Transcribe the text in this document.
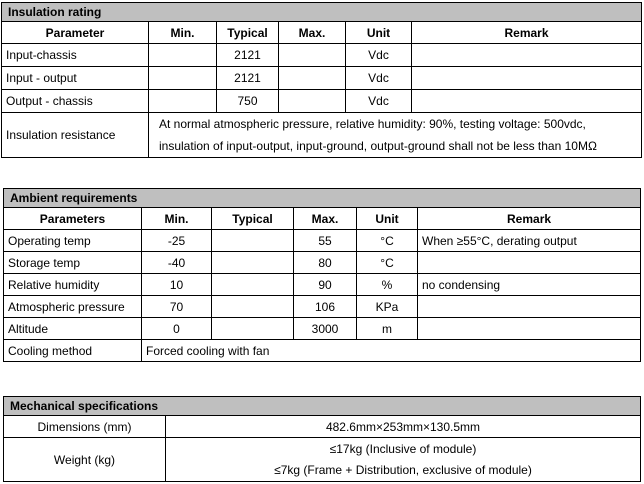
Insulation rating					
Parameter	Min.	Typical	Max.	Unit	Remark
Input-chassis		2121		Vdc	
Input - output		2121		Vdc	
Output - chassis		750		Vdc	
Insulation resistance	At normal atmospheric pressure, relative humidity: 90%, testing voltage: 500vdc,
insulation of input-output, input-ground, output-ground shall not be less than 10MΩ				
Ambient requirements					
Parameters	Min.	Typical	Max.	Unit	Remark
Operating temp	-25		55	°C	When ≥55°C, derating output
Storage temp	-40		80	°C	
Relative humidity	10		90	%	no condensing
Atmospheric pressure	70		106	KPa	
Altitude	0		3000	m	
Cooling method	Forced cooling with fan				
Mechanical specifications	
Dimensions (mm)	482.6mm×253mm×130.5mm
Weight (kg)	≤17kg (Inclusive of module)
≤7kg (Frame + Distribution, exclusive of module)
